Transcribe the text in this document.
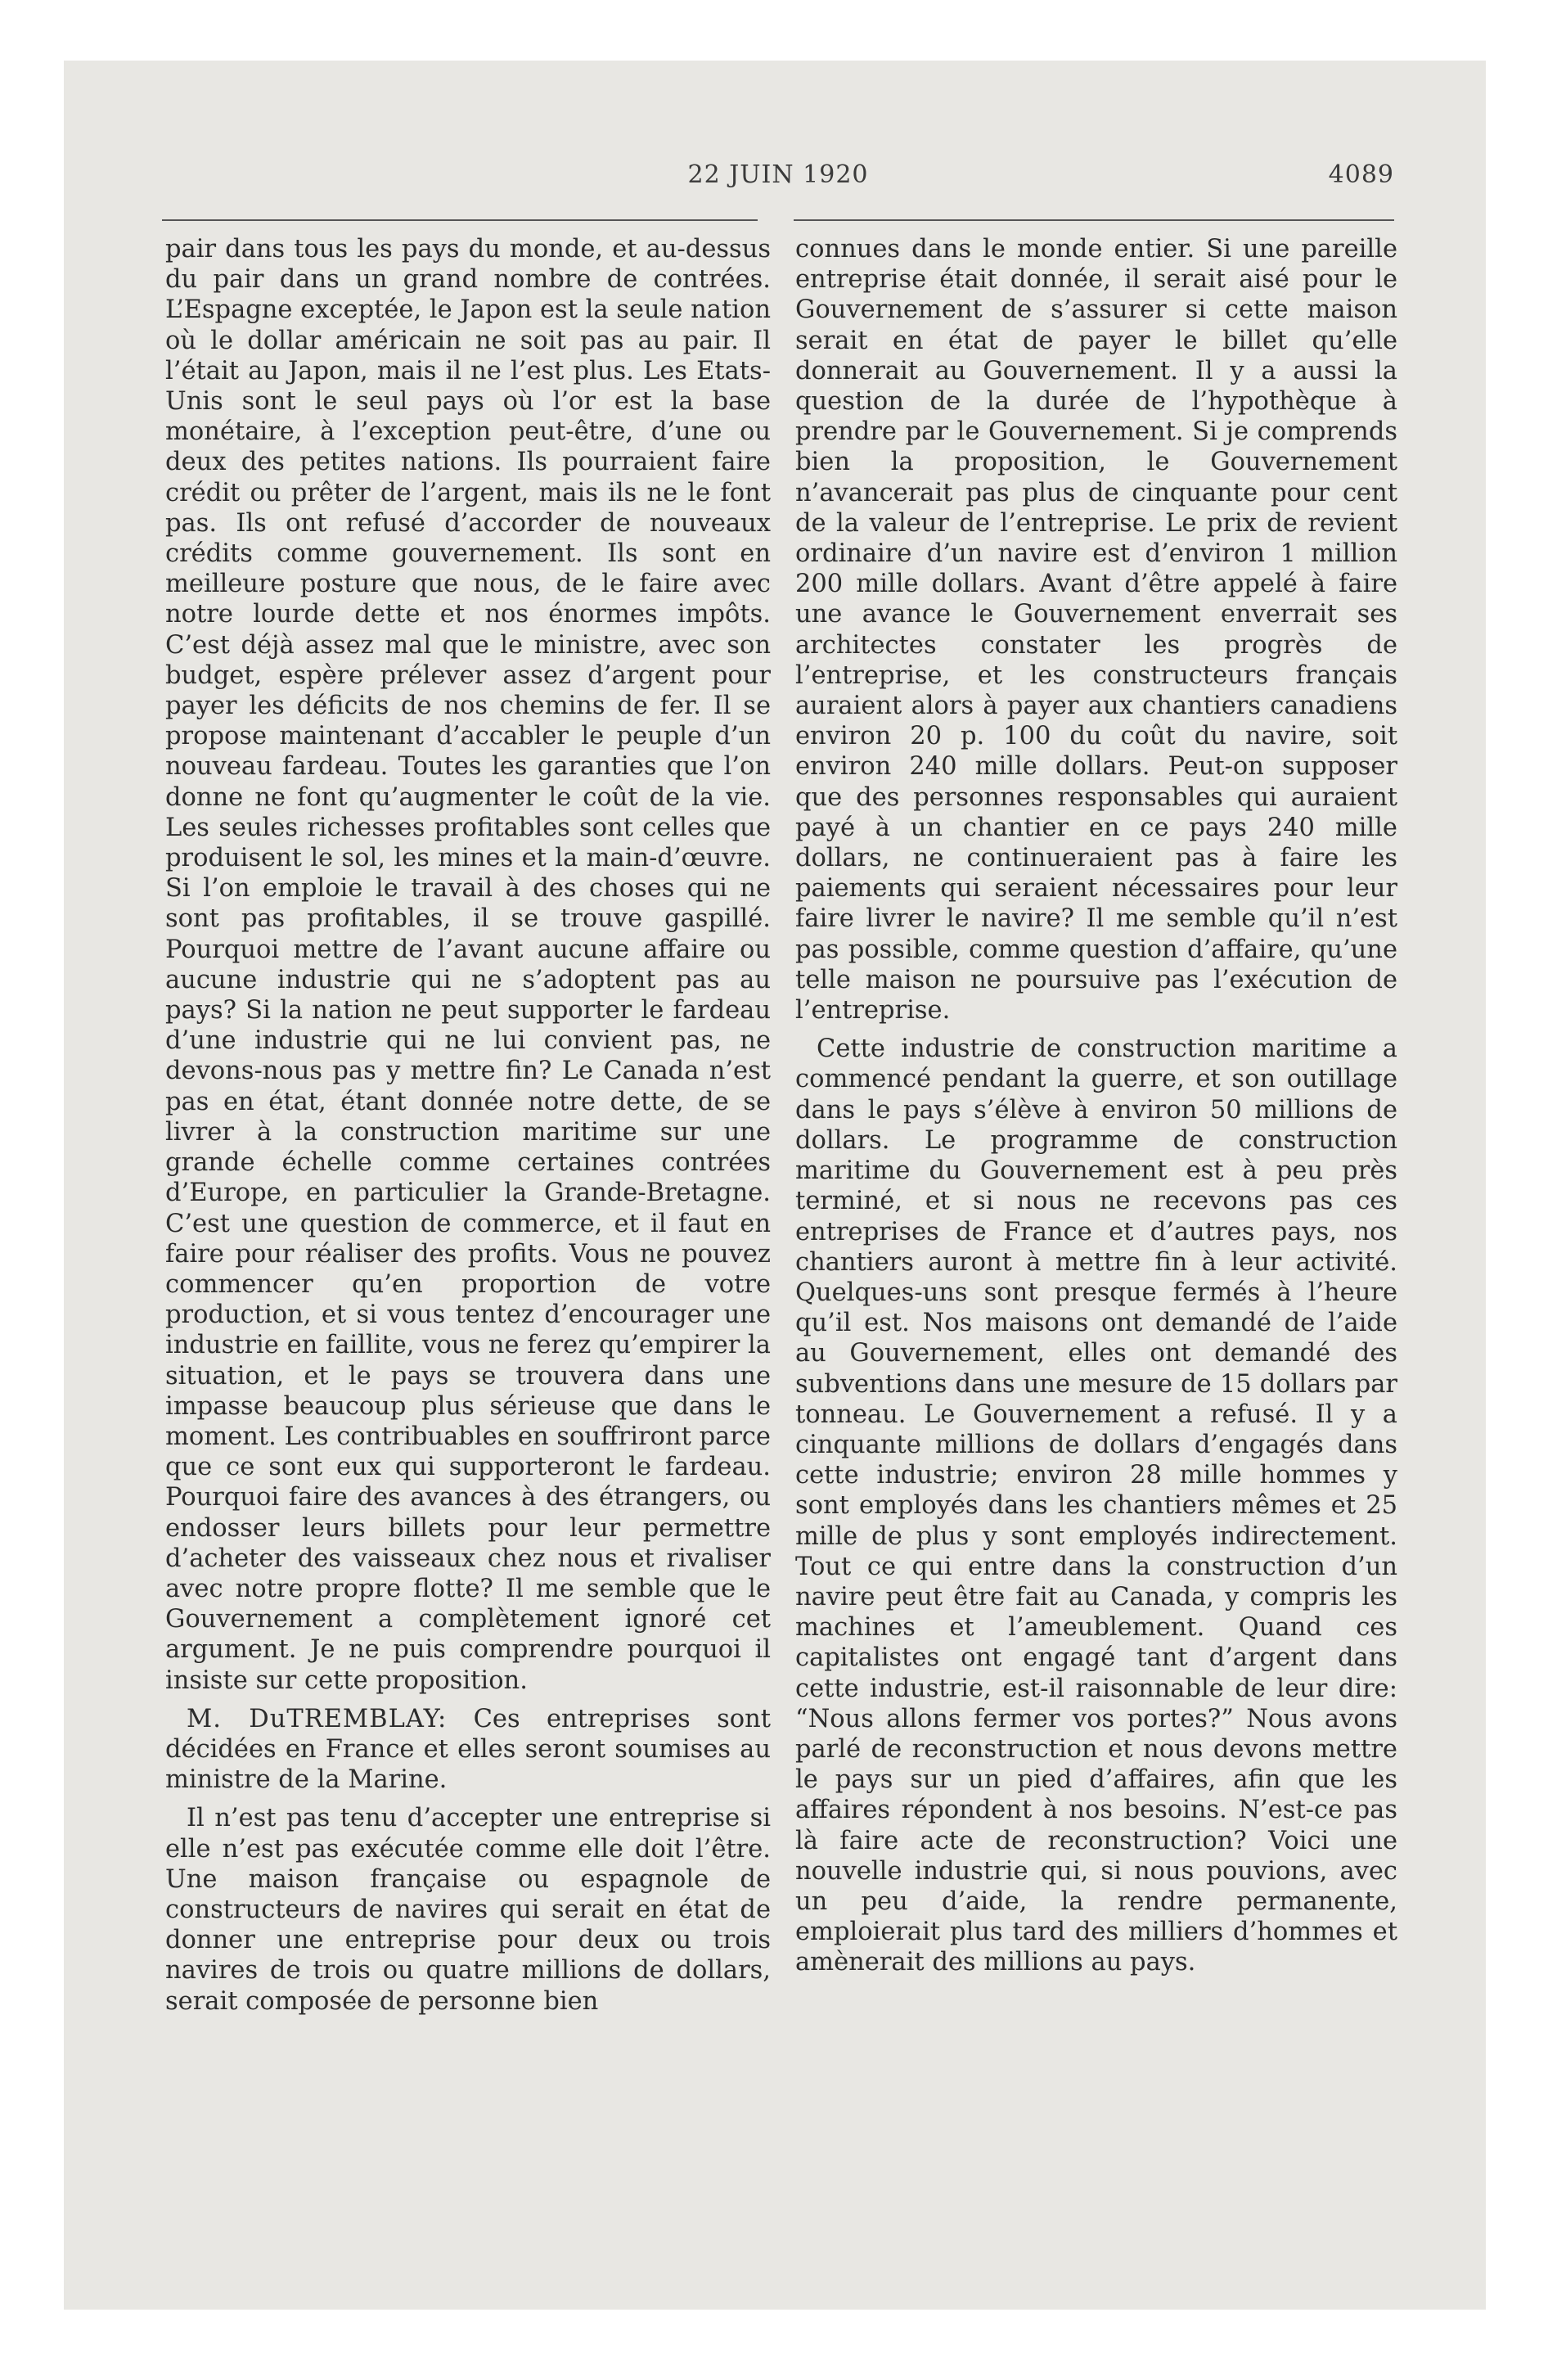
22 JUIN 1920	4089

pair dans tous les pays du monde, et au-dessus du pair dans un grand nombre de contrées. L’Espagne exceptée, le Japon est la seule nation où le dollar américain ne soit pas au pair. Il l’était au Japon, mais il ne l’est plus. Les Etats-Unis sont le seul pays où l’or est la base monétaire, à l’exception peut-être, d’une ou deux des petites nations. Ils pourraient faire crédit ou prêter de l’argent, mais ils ne le font pas. Ils ont refusé d’accorder de nouveaux crédits comme gouvernement. Ils sont en meilleure posture que nous, de le faire avec notre lourde dette et nos énormes impôts. C’est déjà assez mal que le ministre, avec son budget, espère prélever assez d’argent pour payer les déficits de nos chemins de fer. Il se propose maintenant d’accabler le peuple d’un nouveau fardeau. Toutes les garanties que l’on donne ne font qu’augmenter le coût de la vie. Les seules richesses profitables sont celles que produisent le sol, les mines et la main-d’œuvre. Si l’on emploie le travail à des choses qui ne sont pas profitables, il se trouve gaspillé. Pourquoi mettre de l’avant aucune affaire ou aucune industrie qui ne s’adoptent pas au pays? Si la nation ne peut supporter le fardeau d’une industrie qui ne lui convient pas, ne devons-nous pas y mettre fin? Le Canada n’est pas en état, étant donnée notre dette, de se livrer à la construction maritime sur une grande échelle comme certaines contrées d’Europe, en particulier la Grande-Bretagne. C’est une question de commerce, et il faut en faire pour réaliser des profits. Vous ne pouvez commencer qu’en proportion de votre production, et si vous tentez d’encourager une industrie en faillite, vous ne ferez qu’empirer la situation, et le pays se trouvera dans une impasse beaucoup plus sérieuse que dans le moment. Les contribuables en souffriront parce que ce sont eux qui supporteront le fardeau. Pourquoi faire des avances à des étrangers, ou endosser leurs billets pour leur permettre d’acheter des vaisseaux chez nous et rivaliser avec notre propre flotte? Il me semble que le Gouvernement a complètement ignoré cet argument. Je ne puis comprendre pourquoi il insiste sur cette proposition.

M. DuTREMBLAY: Ces entreprises sont décidées en France et elles seront soumises au ministre de la Marine.

Il n’est pas tenu d’accepter une entreprise si elle n’est pas exécutée comme elle doit l’être. Une maison française ou espagnole de constructeurs de navires qui serait en état de donner une entreprise pour deux ou trois navires de trois ou quatre millions de dollars, serait composée de personne bien

connues dans le monde entier. Si une pareille entreprise était donnée, il serait aisé pour le Gouvernement de s’assurer si cette maison serait en état de payer le billet qu’elle donnerait au Gouvernement. Il y a aussi la question de la durée de l’hypothèque à prendre par le Gouvernement. Si je comprends bien la proposition, le Gouvernement n’avancerait pas plus de cinquante pour cent de la valeur de l’entreprise. Le prix de revient ordinaire d’un navire est d’environ 1 million 200 mille dollars. Avant d’être appelé à faire une avance le Gouvernement enverrait ses architectes constater les progrès de l’entreprise, et les constructeurs français auraient alors à payer aux chantiers canadiens environ 20 p. 100 du coût du navire, soit environ 240 mille dollars. Peut-on supposer que des personnes responsables qui auraient payé à un chantier en ce pays 240 mille dollars, ne continueraient pas à faire les paiements qui seraient nécessaires pour leur faire livrer le navire? Il me semble qu’il n’est pas possible, comme question d’affaire, qu’une telle maison ne poursuive pas l’exécution de l’entreprise.

Cette industrie de construction maritime a commencé pendant la guerre, et son outillage dans le pays s’élève à environ 50 millions de dollars. Le programme de construction maritime du Gouvernement est à peu près terminé, et si nous ne recevons pas ces entreprises de France et d’autres pays, nos chantiers auront à mettre fin à leur activité. Quelques-uns sont presque fermés à l’heure qu’il est. Nos maisons ont demandé de l’aide au Gouvernement, elles ont demandé des subventions dans une mesure de 15 dollars par tonneau. Le Gouvernement a refusé. Il y a cinquante millions de dollars d’engagés dans cette industrie; environ 28 mille hommes y sont employés dans les chantiers mêmes et 25 mille de plus y sont employés indirectement. Tout ce qui entre dans la construction d’un navire peut être fait au Canada, y compris les machines et l’ameublement. Quand ces capitalistes ont engagé tant d’argent dans cette industrie, est-il raisonnable de leur dire: “Nous allons fermer vos portes?” Nous avons parlé de reconstruction et nous devons mettre le pays sur un pied d’affaires, afin que les affaires répondent à nos besoins. N’est-ce pas là faire acte de reconstruction? Voici une nouvelle industrie qui, si nous pouvions, avec un peu d’aide, la rendre permanente, emploierait plus tard des milliers d’hommes et amènerait des millions au pays.
